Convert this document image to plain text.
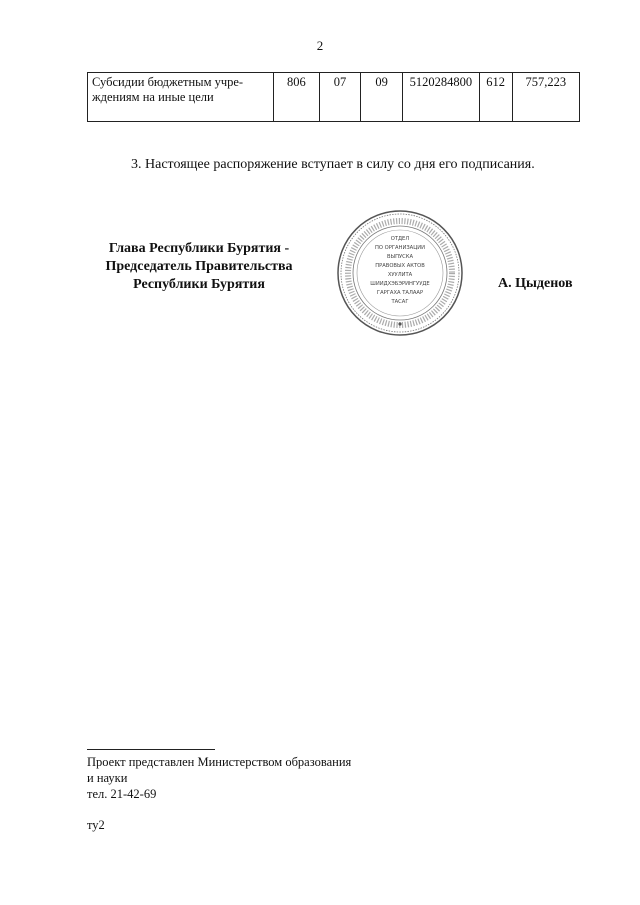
2
Субсидии бюджетным учре-
ждениям на иные цели	806	07	09	5120284800	612	757,223
3. Настоящее распоряжение вступает в силу со дня его подписания.
Глава Республики Бурятия -
Председатель Правительства
Республики Бурятия
ОТДЕЛ
ПО ОРГАНИЗАЦИИ
ВЫПУСКА
ПРАВОВЫХ АКТОВ
ХУУЛИТА
ШИИДХЭБЭРИНГУУДЕ
ГАРГАХА ТАЛААР
ТАСАГ
А. Цыденов
Проект представлен Министерством образования
и науки
тел. 21-42-69
ту2
